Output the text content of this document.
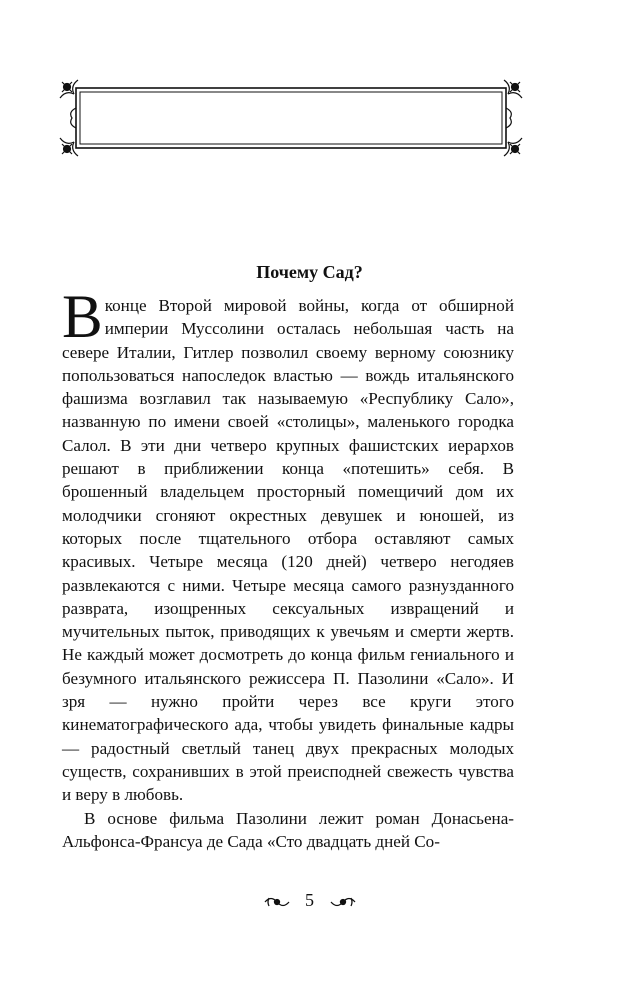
Почему Сад?

В конце Второй мировой войны, когда от обширной империи Муссолини осталась небольшая часть на севере Италии, Гитлер позволил своему верному союзнику попользоваться напоследок властью — вождь итальянского фашизма возглавил так называемую «Республику Сало», названную по имени своей «столицы», маленького городка Салол. В эти дни четверо крупных фашистских иерархов решают в приближении конца «потешить» себя. В брошенный владельцем просторный помещичий дом их молодчики сгоняют окрестных девушек и юношей, из которых после тщательного отбора оставляют самых красивых. Четыре месяца (120 дней) четверо негодяев развлекаются с ними. Четыре месяца самого разнузданного разврата, изощренных сексуальных извращений и мучительных пыток, приводящих к увечьям и смерти жертв. Не каждый может досмотреть до конца фильм гениального и безумного итальянского режиссера П. Пазолини «Сало». И зря — нужно пройти через все круги этого кинематографического ада, чтобы увидеть финальные кадры — радостный светлый танец двух прекрасных молодых существ, сохранивших в этой преисподней свежесть чувства и веру в любовь.

В основе фильма Пазолини лежит роман Донасьена-Альфонса-Франсуа де Сада «Сто двадцать дней Со-

5
